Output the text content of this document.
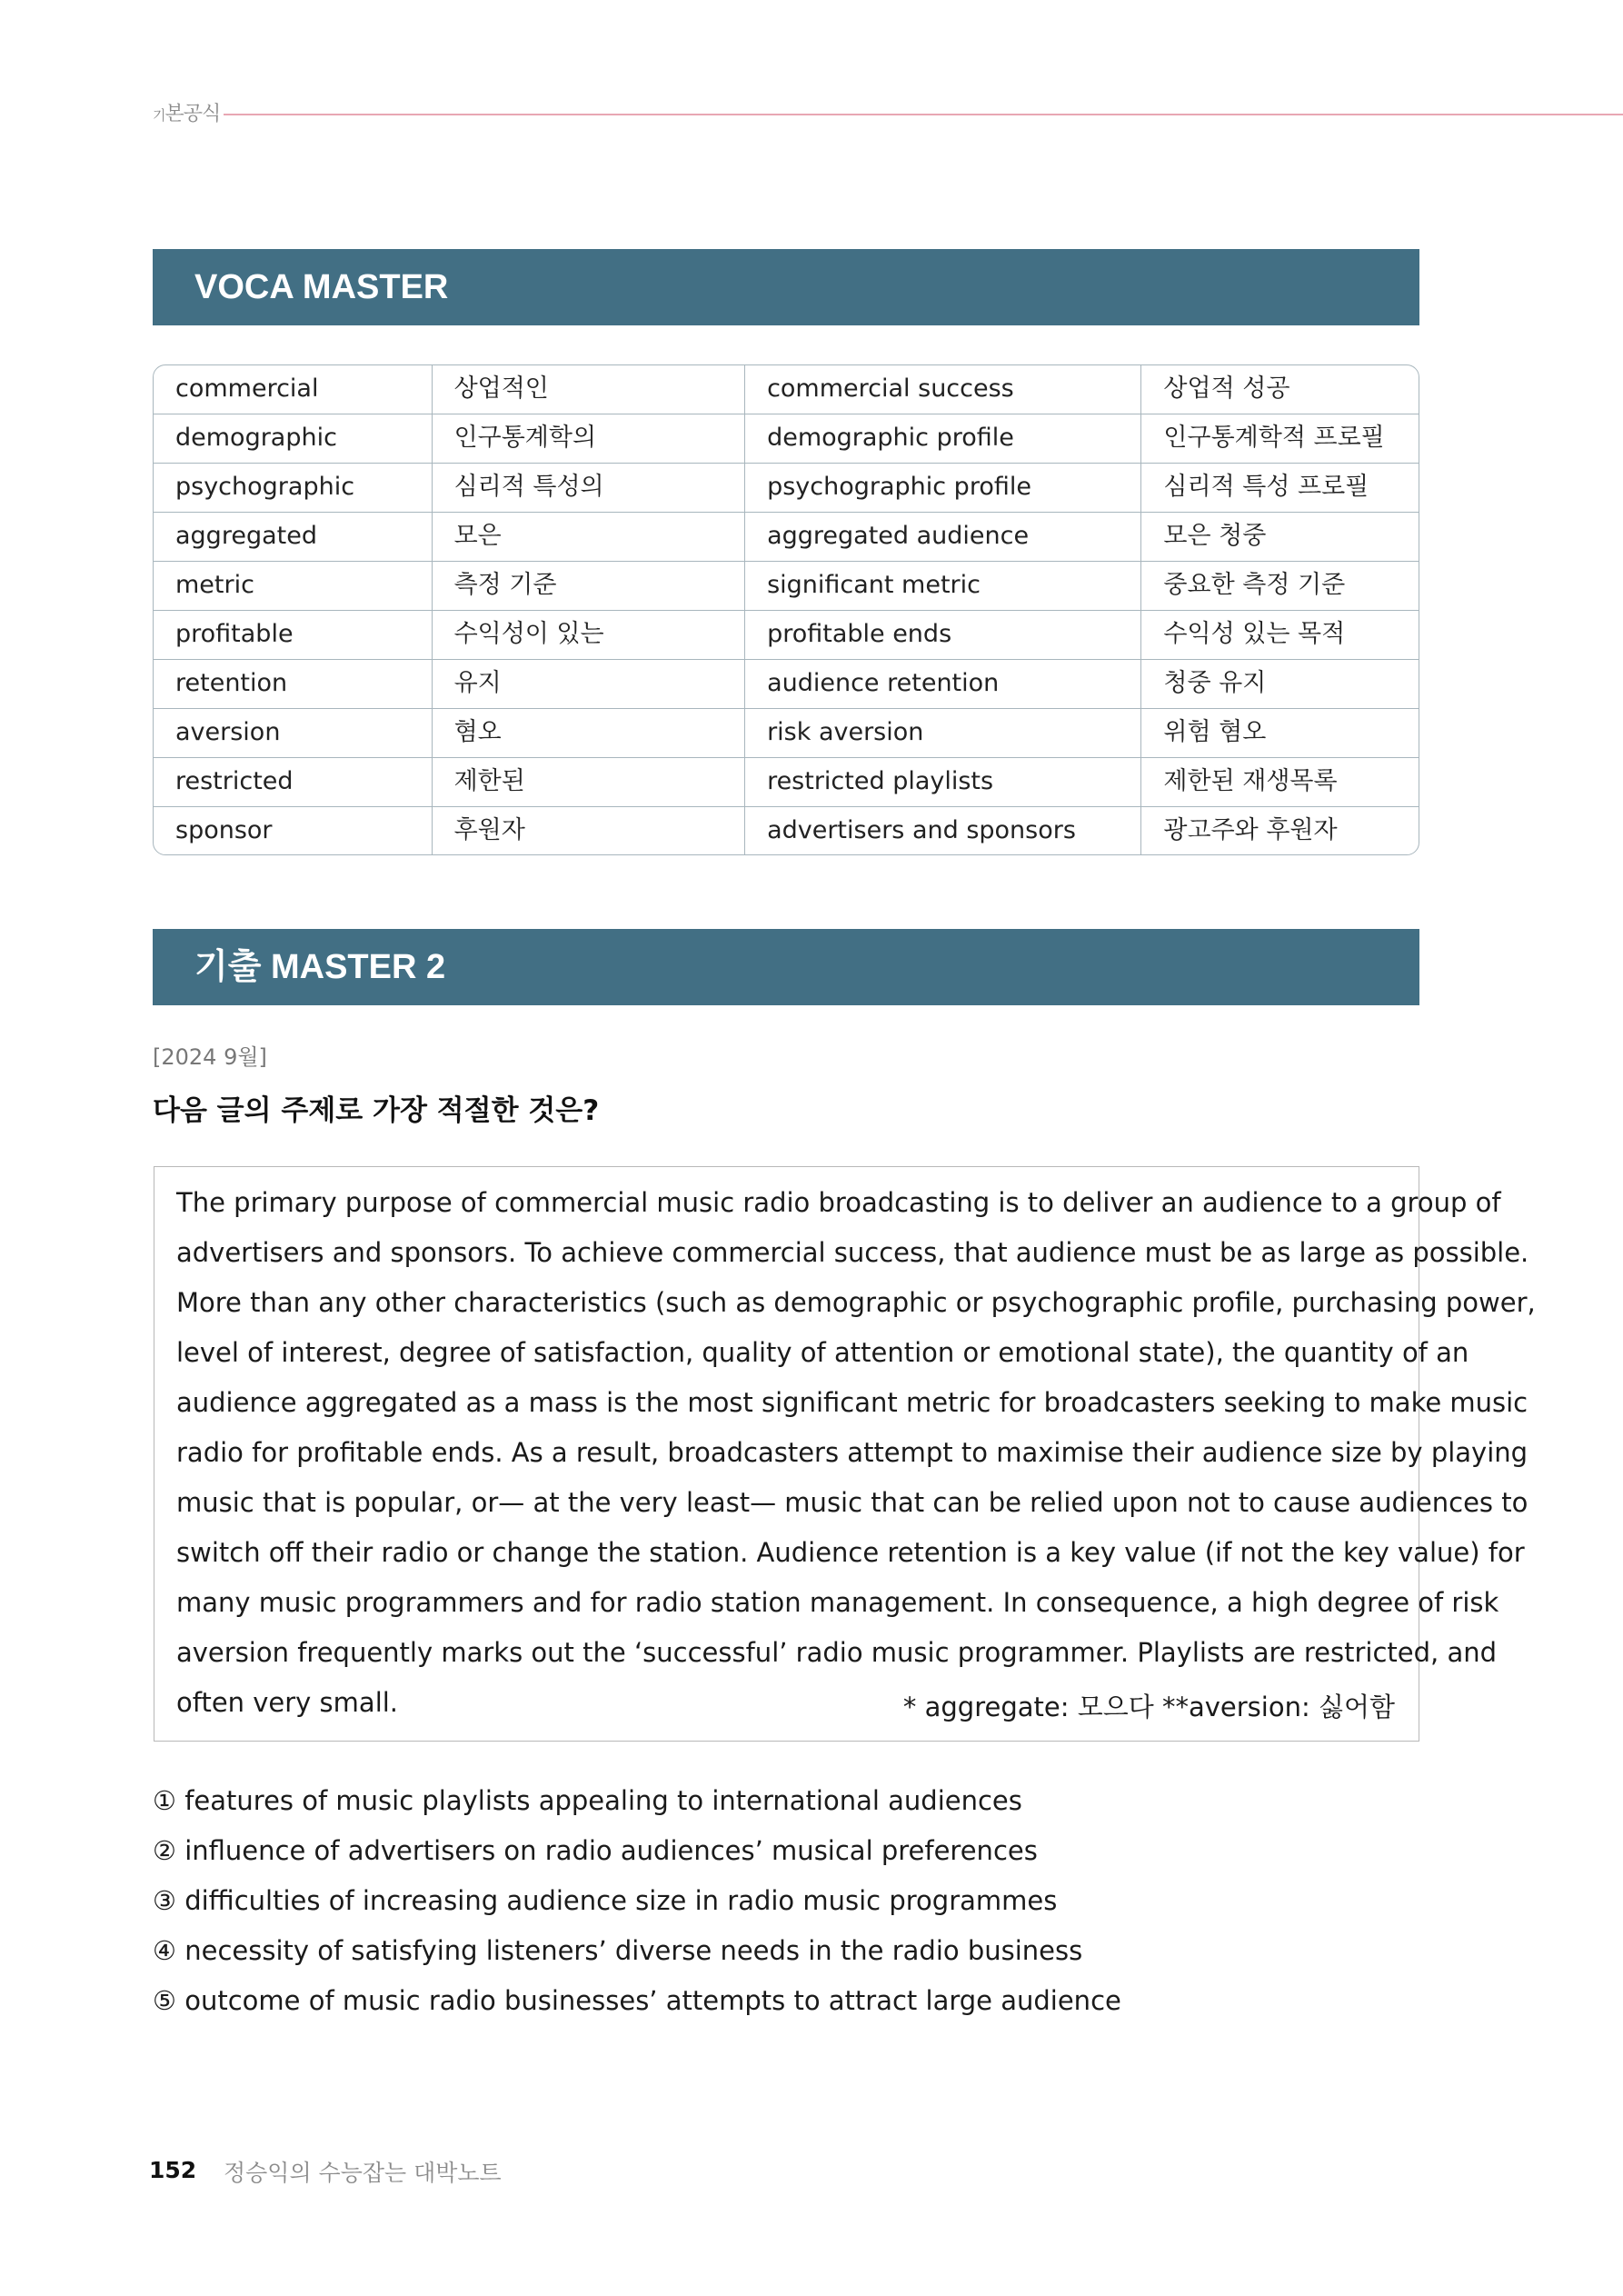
기본공식
VOCA MASTER
commercial	상업적인	commercial success	상업적 성공
demographic	인구통계학의	demographic profile	인구통계학적 프로필
psychographic	심리적 특성의	psychographic profile	심리적 특성 프로필
aggregated	모은	aggregated audience	모은 청중
metric	측정 기준	significant metric	중요한 측정 기준
profitable	수익성이 있는	profitable ends	수익성 있는 목적
retention	유지	audience retention	청중 유지
aversion	혐오	risk aversion	위험 혐오
restricted	제한된	restricted playlists	제한된 재생목록
sponsor	후원자	advertisers and sponsors	광고주와 후원자
기출 MASTER 2
[2024 9월]
다음 글의 주제로 가장 적절한 것은?
The primary purpose of commercial music radio broadcasting is to deliver an audience to a group of
advertisers and sponsors. To achieve commercial success, that audience must be as large as possible.
More than any other characteristics (such as demographic or psychographic profile, purchasing power,
level of interest, degree of satisfaction, quality of attention or emotional state), the quantity of an
audience aggregated as a mass is the most significant metric for broadcasters seeking to make music
radio for profitable ends. As a result, broadcasters attempt to maximise their audience size by playing
music that is popular, or— at the very least— music that can be relied upon not to cause audiences to
switch off their radio or change the station. Audience retention is a key value (if not the key value) for
many music programmers and for radio station management. In consequence, a high degree of risk
aversion frequently marks out the ‘successful’ radio music programmer. Playlists are restricted, and
often very small.	* aggregate: 모으다 **aversion: 싫어함
① features of music playlists appealing to international audiences
② influence of advertisers on radio audiences’ musical preferences
③ difficulties of increasing audience size in radio music programmes
④ necessity of satisfying listeners’ diverse needs in the radio business
⑤ outcome of music radio businesses’ attempts to attract large audience
152 정승익의 수능잡는 대박노트
